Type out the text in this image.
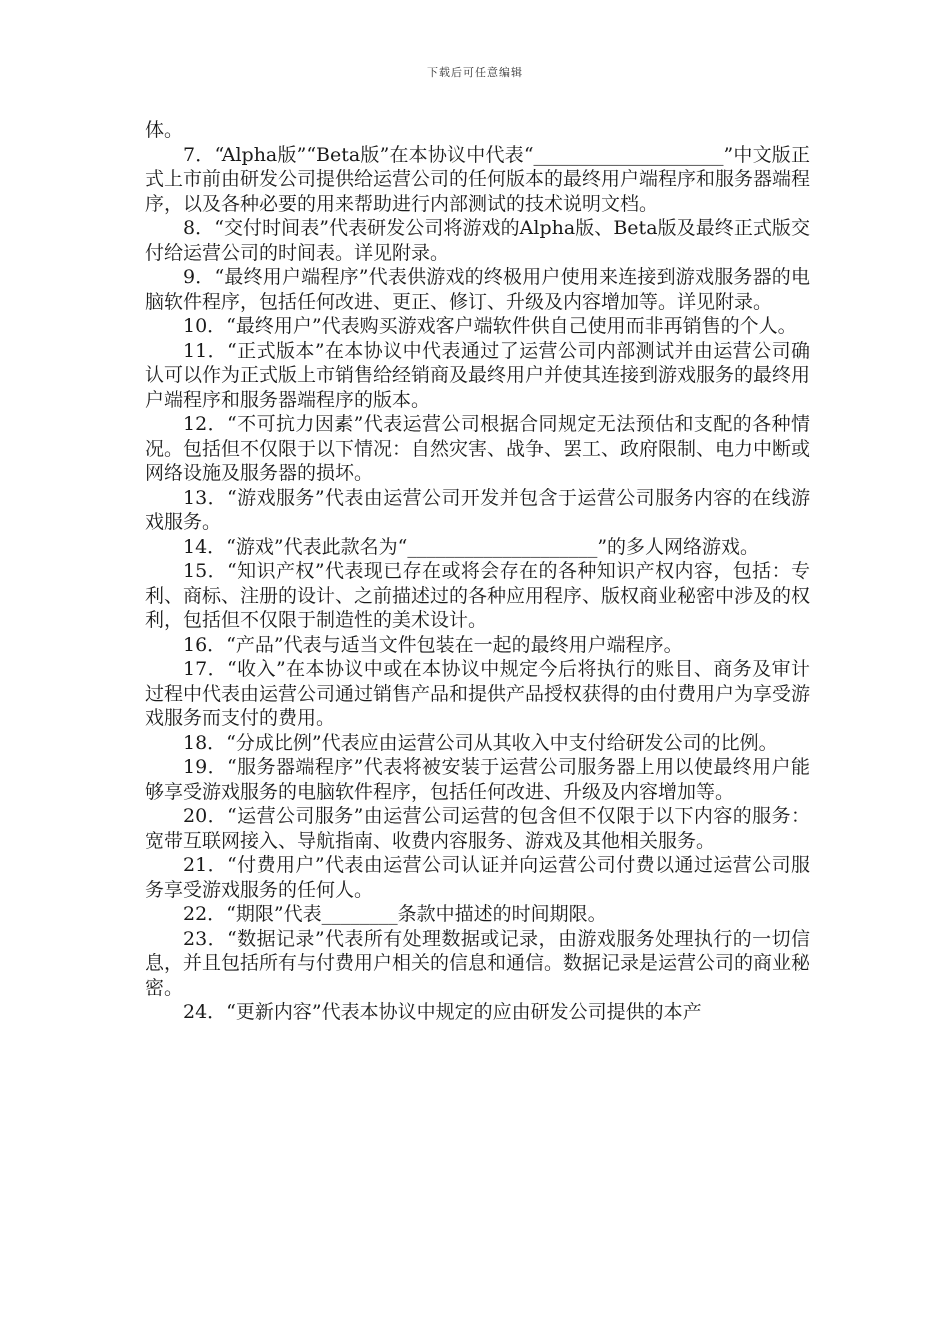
下载后可任意编辑

体。

7．“Alpha版”“Beta版”在本协议中代表“____________________”中文版正式上市前由研发公司提供给运营公司的任何版本的最终用户端程序和服务器端程序，以及各种必要的用来帮助进行内部测试的技术说明文档。

8．“交付时间表”代表研发公司将游戏的Alpha版、Beta版及最终正式版交付给运营公司的时间表。详见附录。

9．“最终用户端程序”代表供游戏的终极用户使用来连接到游戏服务器的电脑软件程序，包括任何改进、更正、修订、升级及内容增加等。详见附录。

10．“最终用户”代表购买游戏客户端软件供自己使用而非再销售的个人。

11．“正式版本”在本协议中代表通过了运营公司内部测试并由运营公司确认可以作为正式版上市销售给经销商及最终用户并使其连接到游戏服务的最终用户端程序和服务器端程序的版本。

12．“不可抗力因素”代表运营公司根据合同规定无法预估和支配的各种情况。包括但不仅限于以下情况：自然灾害、战争、罢工、政府限制、电力中断或网络设施及服务器的损坏。

13．“游戏服务”代表由运营公司开发并包含于运营公司服务内容的在线游戏服务。

14．“游戏”代表此款名为“____________________”的多人网络游戏。

15．“知识产权”代表现已存在或将会存在的各种知识产权内容，包括：专利、商标、注册的设计、之前描述过的各种应用程序、版权商业秘密中涉及的权利，包括但不仅限于制造性的美术设计。

16．“产品”代表与适当文件包装在一起的最终用户端程序。

17．“收入”在本协议中或在本协议中规定今后将执行的账目、商务及审计过程中代表由运营公司通过销售产品和提供产品授权获得的由付费用户为享受游戏服务而支付的费用。

18．“分成比例”代表应由运营公司从其收入中支付给研发公司的比例。

19．“服务器端程序”代表将被安装于运营公司服务器上用以使最终用户能够享受游戏服务的电脑软件程序，包括任何改进、升级及内容增加等。

20．“运营公司服务”由运营公司运营的包含但不仅限于以下内容的服务：宽带互联网接入、导航指南、收费内容服务、游戏及其他相关服务。

21．“付费用户”代表由运营公司认证并向运营公司付费以通过运营公司服务享受游戏服务的任何人。

22．“期限”代表________条款中描述的时间期限。

23．“数据记录”代表所有处理数据或记录，由游戏服务处理执行的一切信息，并且包括所有与付费用户相关的信息和通信。数据记录是运营公司的商业秘密。

24．“更新内容”代表本协议中规定的应由研发公司提供的本产
